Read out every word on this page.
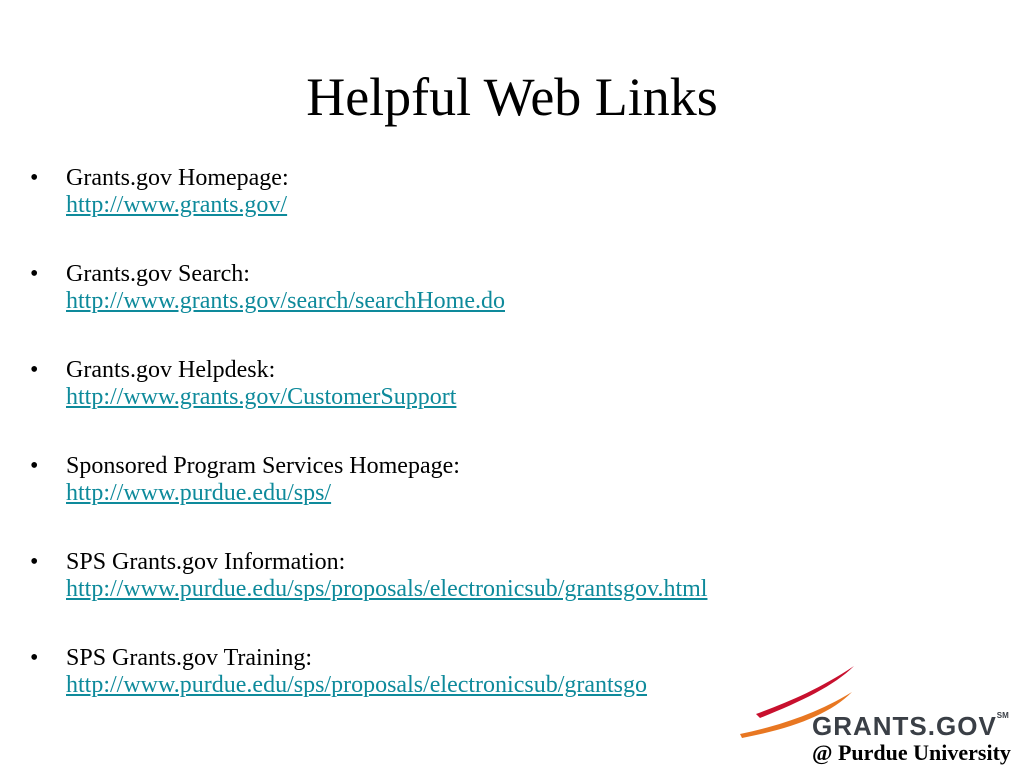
Helpful Web Links
• Grants.gov Homepage:
http://www.grants.gov/
• Grants.gov Search:
http://www.grants.gov/search/searchHome.do
• Grants.gov Helpdesk:
http://www.grants.gov/CustomerSupport
• Sponsored Program Services Homepage:
http://www.purdue.edu/sps/
• SPS Grants.gov Information:
http://www.purdue.edu/sps/proposals/electronicsub/grantsgov.html
• SPS Grants.gov Training:
http://www.purdue.edu/sps/proposals/electronicsub/grantsgo
GRANTS.GOV℠
@ Purdue University
